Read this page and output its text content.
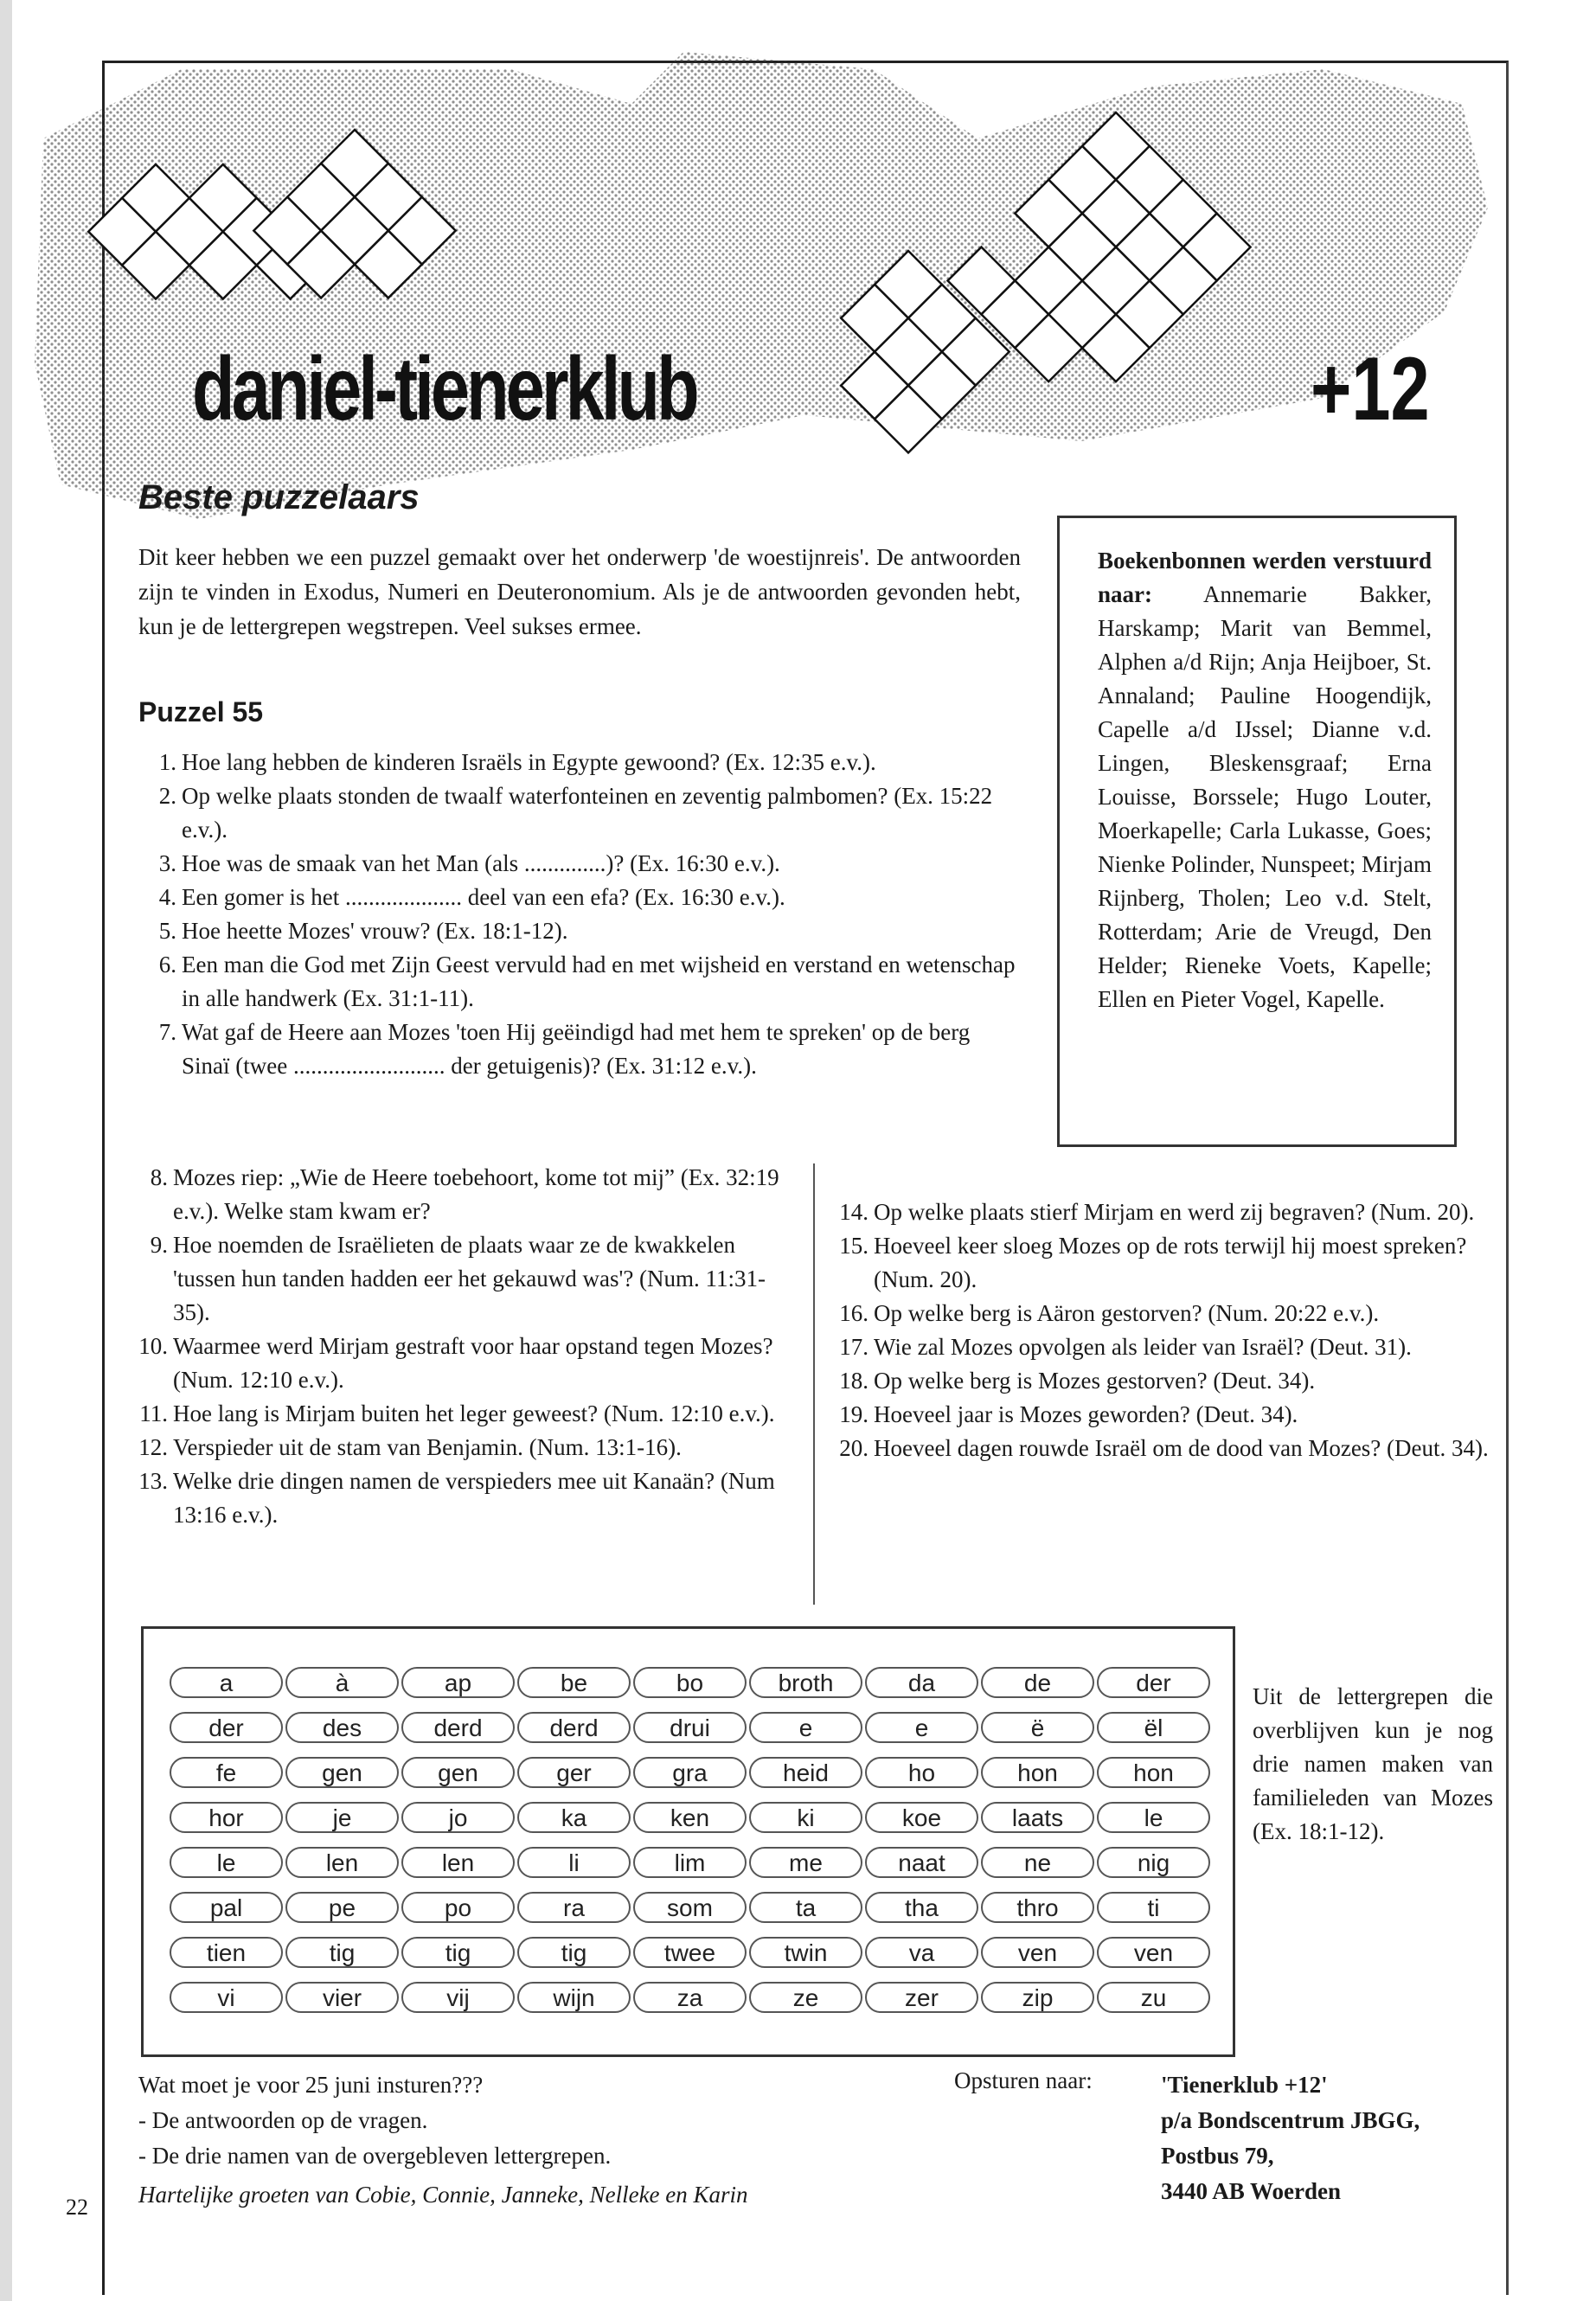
daniel-tienerklub	+12
Beste puzzelaars

Dit keer hebben we een puzzel gemaakt over het onderwerp 'de woestijnreis'. De antwoorden zijn te vinden in Exodus, Numeri en Deuteronomium. Als je de antwoorden gevonden hebt, kun je de lettergrepen wegstrepen. Veel sukses ermee.

Puzzel 55
1. Hoe lang hebben de kinderen Israëls in Egypte gewoond? (Ex. 12:35 e.v.).
2. Op welke plaats stonden de twaalf waterfonteinen en zeventig palmbomen? (Ex. 15:22 e.v.).
3. Hoe was de smaak van het Man (als ..............)? (Ex. 16:30 e.v.).
4. Een gomer is het .................... deel van een efa? (Ex. 16:30 e.v.).
5. Hoe heette Mozes' vrouw? (Ex. 18:1-12).
6. Een man die God met Zijn Geest vervuld had en met wijsheid en verstand en wetenschap in alle handwerk (Ex. 31:1-11).
7. Wat gaf de Heere aan Mozes 'toen Hij geëindigd had met hem te spreken' op de berg Sinaï (twee .......................... der getuigenis)? (Ex. 31:12 e.v.).
8. Mozes riep: „Wie de Heere toebehoort, kome tot mij” (Ex. 32:19 e.v.). Welke stam kwam er?
9. Hoe noemden de Israëlieten de plaats waar ze de kwakkelen 'tussen hun tanden hadden eer het gekauwd was'? (Num. 11:31-35).
10. Waarmee werd Mirjam gestraft voor haar opstand tegen Mozes? (Num. 12:10 e.v.).
11. Hoe lang is Mirjam buiten het leger geweest? (Num. 12:10 e.v.).
12. Verspieder uit de stam van Benjamin. (Num. 13:1-16).
13. Welke drie dingen namen de verspieders mee uit Kanaän? (Num 13:16 e.v.).
14. Op welke plaats stierf Mirjam en werd zij begraven? (Num. 20).
15. Hoeveel keer sloeg Mozes op de rots terwijl hij moest spreken? (Num. 20).
16. Op welke berg is Aäron gestorven? (Num. 20:22 e.v.).
17. Wie zal Mozes opvolgen als leider van Israël? (Deut. 31).
18. Op welke berg is Mozes gestorven? (Deut. 34).
19. Hoeveel jaar is Mozes geworden? (Deut. 34).
20. Hoeveel dagen rouwde Israël om de dood van Mozes? (Deut. 34).
Boekenbonnen werden verstuurd naar: Annemarie Bakker, Harskamp; Marit van Bemmel, Alphen a/d Rijn; Anja Heijboer, St. Annaland; Pauline Hoogendijk, Capelle a/d IJssel; Dianne v.d. Lingen, Bleskensgraaf; Erna Louisse, Borssele; Hugo Louter, Moerkapelle; Carla Lukasse, Goes; Nienke Polinder, Nunspeet; Mirjam Rijnberg, Tholen; Leo v.d. Stelt, Rotterdam; Arie de Vreugd, Den Helder; Rieneke Voets, Kapelle; Ellen en Pieter Vogel, Kapelle.
a	à	ap	be	bo	broth	da	de	der
der	des	derd	derd	drui	e	e	ë	ël
fe	gen	gen	ger	gra	heid	ho	hon	hon
hor	je	jo	ka	ken	ki	koe	laats	le
le	len	len	li	lim	me	naat	ne	nig
pal	pe	po	ra	som	ta	tha	thro	ti
tien	tig	tig	tig	twee	twin	va	ven	ven
vi	vier	vij	wijn	za	ze	zer	zip	zu

Uit de lettergrepen die overblijven kun je nog drie namen maken van familieleden van Mozes (Ex. 18:1-12).

Wat moet je voor 25 juni insturen???
- De antwoorden op de vragen.
- De drie namen van de overgebleven lettergrepen.
Hartelijke groeten van Cobie, Connie, Janneke, Nelleke en Karin
Opsturen naar:	'Tienerklub +12'
p/a Bondscentrum JBGG,
Postbus 79,
3440 AB Woerden
22
